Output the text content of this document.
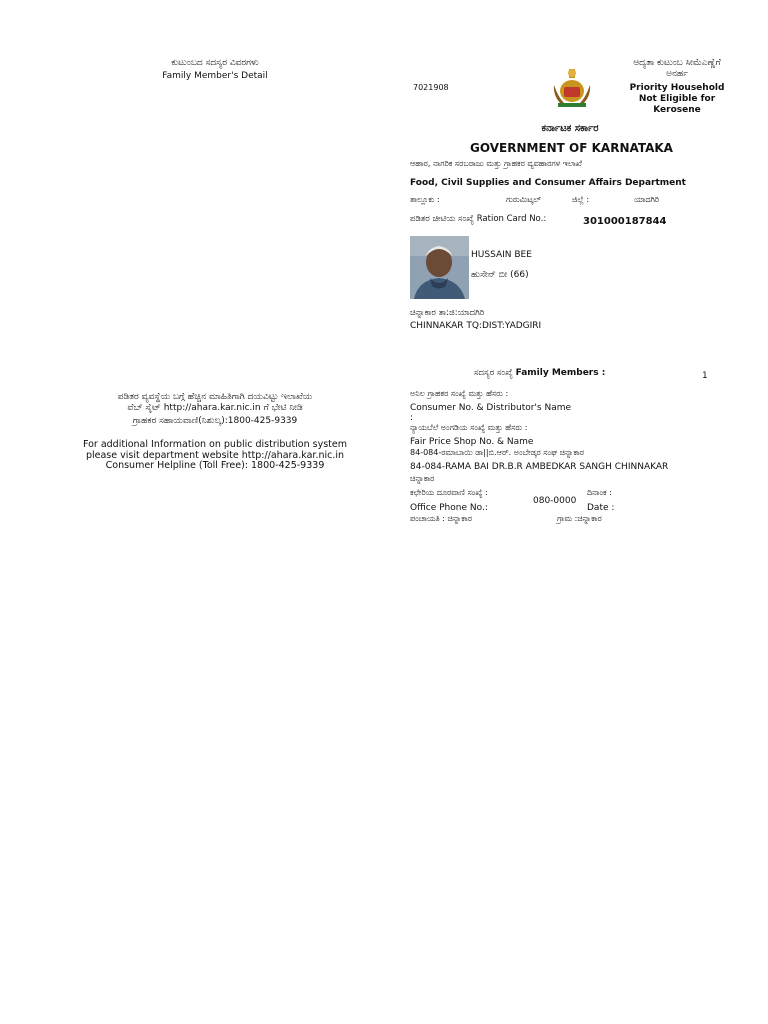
ಕುಟುಂಬದ ಸದಸ್ಯರ ವಿವರಗಳು
Family Member's Detail
ಪಡಿತರ ವ್ಯವಸ್ಥೆಯ ಬಗ್ಗೆ ಹೆಚ್ಚಿನ ಮಾಹಿತಿಗಾಗಿ ದಯವಿಟ್ಟು ಇಲಾಖೆಯ
ವೆಬ್ ಸೈಟ್ http://ahara.kar.nic.in ಗೆ ಭೇಟಿ ನೀಡಿ
ಗ್ರಾಹಕರ ಸಹಾಯವಾಣಿ(ನಿಶುಲ್ಕ):1800-425-9339
For additional Information on public distribution system
please visit department website http://ahara.kar.nic.in
Consumer Helpline (Toll Free): 1800-425-9339
7021908
ಆದ್ಯತಾ ಕುಟುಂಬ ಸೀಮೆಎಣ್ಣೆಗೆ
ಅನರ್ಹ
Priority Household
Not Eligible for
Kerosene
ಕರ್ನಾಟಕ ಸರ್ಕಾರ
GOVERNMENT OF KARNATAKA
ಆಹಾರ, ನಾಗರಿಕ ಸರಬರಾಜು ಮತ್ತು ಗ್ರಾಹಕರ ವ್ಯವಹಾರಗಳ ಇಲಾಖೆ
Food, Civil Supplies and Consumer Affairs Department
ತಾಲ್ಲೂಕು :	ಗುರುಮಿಟ್ಕಲ್	ಜಿಲ್ಲೆ :	ಯಾದಗಿರಿ
ಪಡಿತರ ಚೀಟಿಯ ಸಂಖ್ಯೆ Ration Card No.:	301000187844
HUSSAIN BEE
ಹುಸೇನ್ ಬೀ (66)
ಚಿನ್ನಾಕಾರ ತಾ:ಜಿ:ಯಾದಗಿರಿ
CHINNAKAR TQ:DIST:YADGIRI
ಸದಸ್ಯರ ಸಂಖ್ಯೆ Family Members :	1
ಅನಿಲ ಗ್ರಾಹಕರ ಸಂಖ್ಯೆ ಮತ್ತು ಹೆಸರು :
Consumer No. & Distributor's Name
:
ನ್ಯಾಯಬೆಲೆ ಅಂಗಡಿಯ ಸಂಖ್ಯೆ ಮತ್ತು ಹೆಸರು :
Fair Price Shop No. & Name
84-084-ರಮಾಬಾಯಿ ಡಾ||ಬಿ.ಆರ್. ಅಂಬೇಡ್ಕರ ಸಂಘ ಚಿನ್ನಾಕಾರ
84-084-RAMA BAI DR.B.R AMBEDKAR SANGH CHINNAKAR
ಚಿನ್ನಾಕಾರ
ಕಛೇರಿಯ ದೂರವಾಣಿ ಸಂಖ್ಯೆ :
080-0000
ದಿನಾಂಕ :
Office Phone No.:	Date :
ಪಂಚಾಯತಿ : ಚಿನ್ನಾಕಾರ	ಗ್ರಾಮ :ಚಿನ್ನಾಕಾರ
